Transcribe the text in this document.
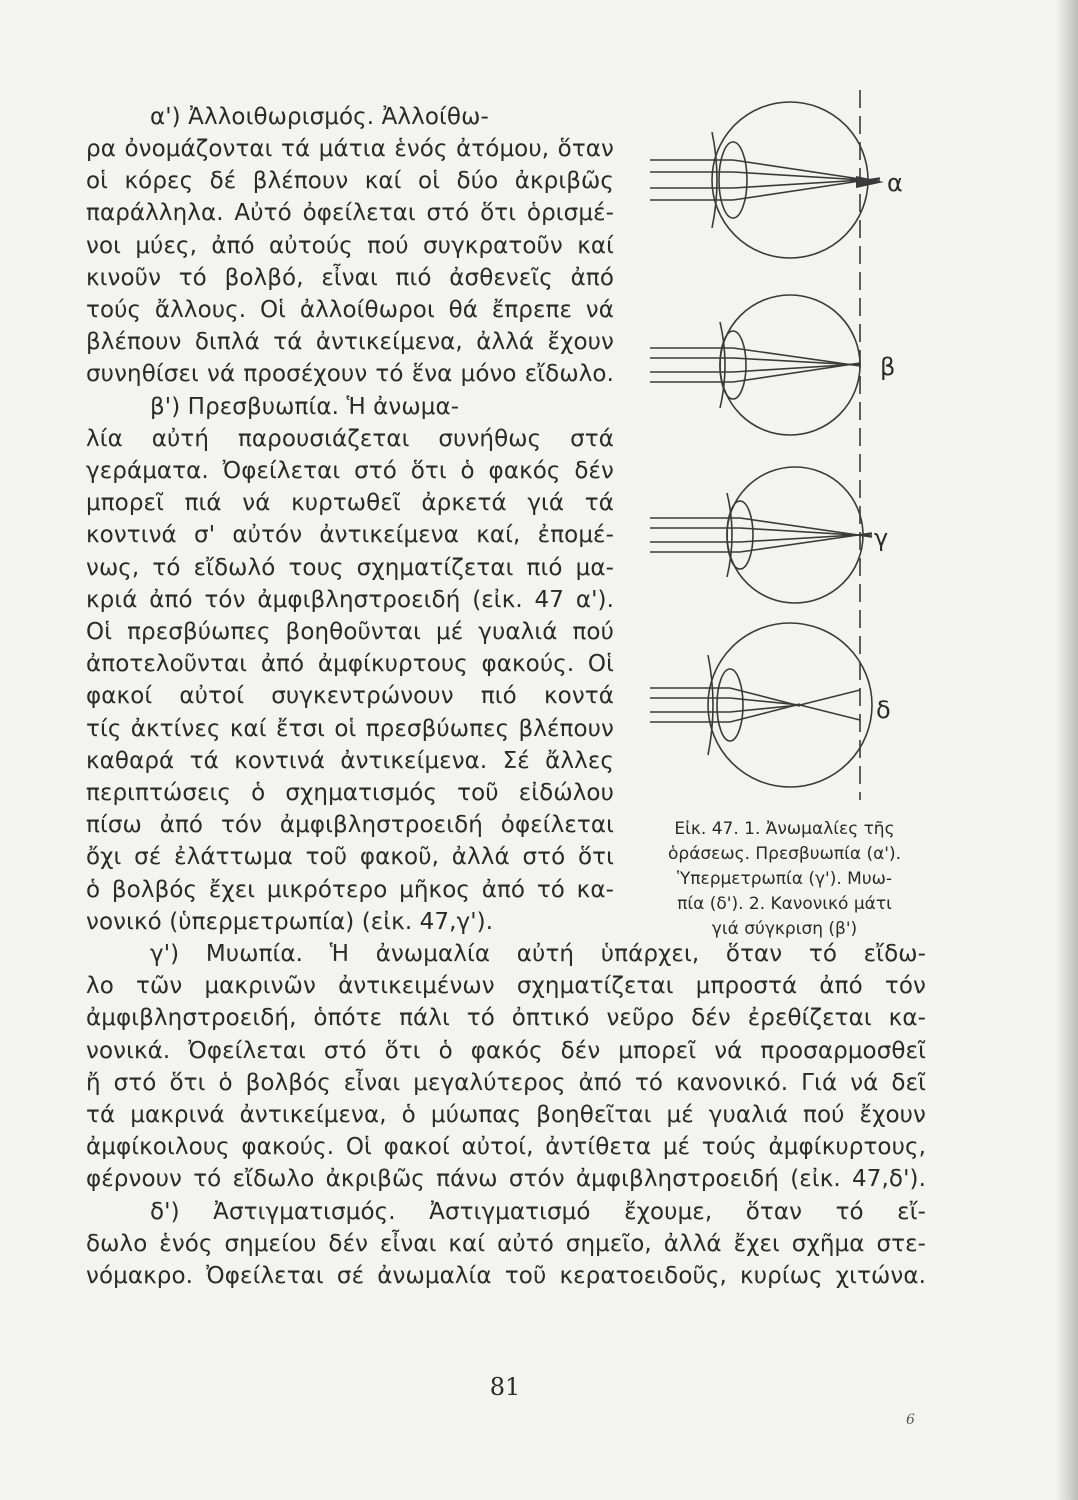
α') Ἀλλοιθωρισμός. Ἀλλοίθω-
ρα ὀνομάζονται τά μάτια ἑνός ἀτόμου, ὅταν
οἱ κόρες δέ βλέπουν καί οἱ δύο ἀκριβῶς
παράλληλα. Αὐτό ὀφείλεται στό ὅτι ὁρισμέ-
νοι μύες, ἀπό αὐτούς πού συγκρατοῦν καί
κινοῦν τό βολβό, εἶναι πιό ἀσθενεῖς ἀπό
τούς ἄλλους. Οἱ ἀλλοίθωροι θά ἔπρεπε νά
βλέπουν διπλά τά ἀντικείμενα, ἀλλά ἔχουν
συνηθίσει νά προσέχουν τό ἕνα μόνο εἴδωλο.
β') Πρεσβυωπία. Ἡ ἀνωμα-
λία αὐτή παρουσιάζεται συνήθως στά
γεράματα. Ὀφείλεται στό ὅτι ὁ φακός δέν
μπορεῖ πιά νά κυρτωθεῖ ἀρκετά γιά τά
κοντινά σ' αὐτόν ἀντικείμενα καί, ἐπομέ-
νως, τό εἴδωλό τους σχηματίζεται πιό μα-
κριά ἀπό τόν ἀμφιβληστροειδή (εἰκ. 47 α').
Οἱ πρεσβύωπες βοηθοῦνται μέ γυαλιά πού
ἀποτελοῦνται ἀπό ἀμφίκυρτους φακούς. Οἱ
φακοί αὐτοί συγκεντρώνουν πιό κοντά
τίς ἀκτίνες καί ἔτσι οἱ πρεσβύωπες βλέπουν
καθαρά τά κοντινά ἀντικείμενα. Σέ ἄλλες
περιπτώσεις ὁ σχηματισμός τοῦ εἰδώλου
πίσω ἀπό τόν ἀμφιβληστροειδή ὀφείλεται
ὄχι σέ ἐλάττωμα τοῦ φακοῦ, ἀλλά στό ὅτι
ὁ βολβός ἔχει μικρότερο μῆκος ἀπό τό κα-
νονικό (ὑπερμετρωπία) (εἰκ. 47,γ').
γ') Μυωπία. Ἡ ἀνωμαλία αὐτή ὑπάρχει, ὅταν τό εἴδω-
λο τῶν μακρινῶν ἀντικειμένων σχηματίζεται μπροστά ἀπό τόν
ἀμφιβληστροειδή, ὁπότε πάλι τό ὀπτικό νεῦρο δέν ἐρεθίζεται κα-
νονικά. Ὀφείλεται στό ὅτι ὁ φακός δέν μπορεῖ νά προσαρμοσθεῖ
ἤ στό ὅτι ὁ βολβός εἶναι μεγαλύτερος ἀπό τό κανονικό. Γιά νά δεῖ
τά μακρινά ἀντικείμενα, ὁ μύωπας βοηθεῖται μέ γυαλιά πού ἔχουν
ἀμφίκοιλους φακούς. Οἱ φακοί αὐτοί, ἀντίθετα μέ τούς ἀμφίκυρτους,
φέρνουν τό εἴδωλο ἀκριβῶς πάνω στόν ἀμφιβληστροειδή (εἰκ. 47,δ').
δ') Ἀστιγματισμός. Ἀστιγματισμό ἔχουμε, ὅταν τό εἴ-
δωλο ἑνός σημείου δέν εἶναι καί αὐτό σημεῖο, ἀλλά ἔχει σχῆμα στε-
νόμακρο. Ὀφείλεται σέ ἀνωμαλία τοῦ κερατοειδοῦς, κυρίως χιτώνα.
α
β
γ
δ
Εἰκ. 47. 1. Ἀνωμαλίες τῆς
ὁράσεως. Πρεσβυωπία (α').
Ὑπερμετρωπία (γ'). Μυω-
πία (δ'). 2. Κανονικό μάτι
γιά σύγκριση (β')
81
6
